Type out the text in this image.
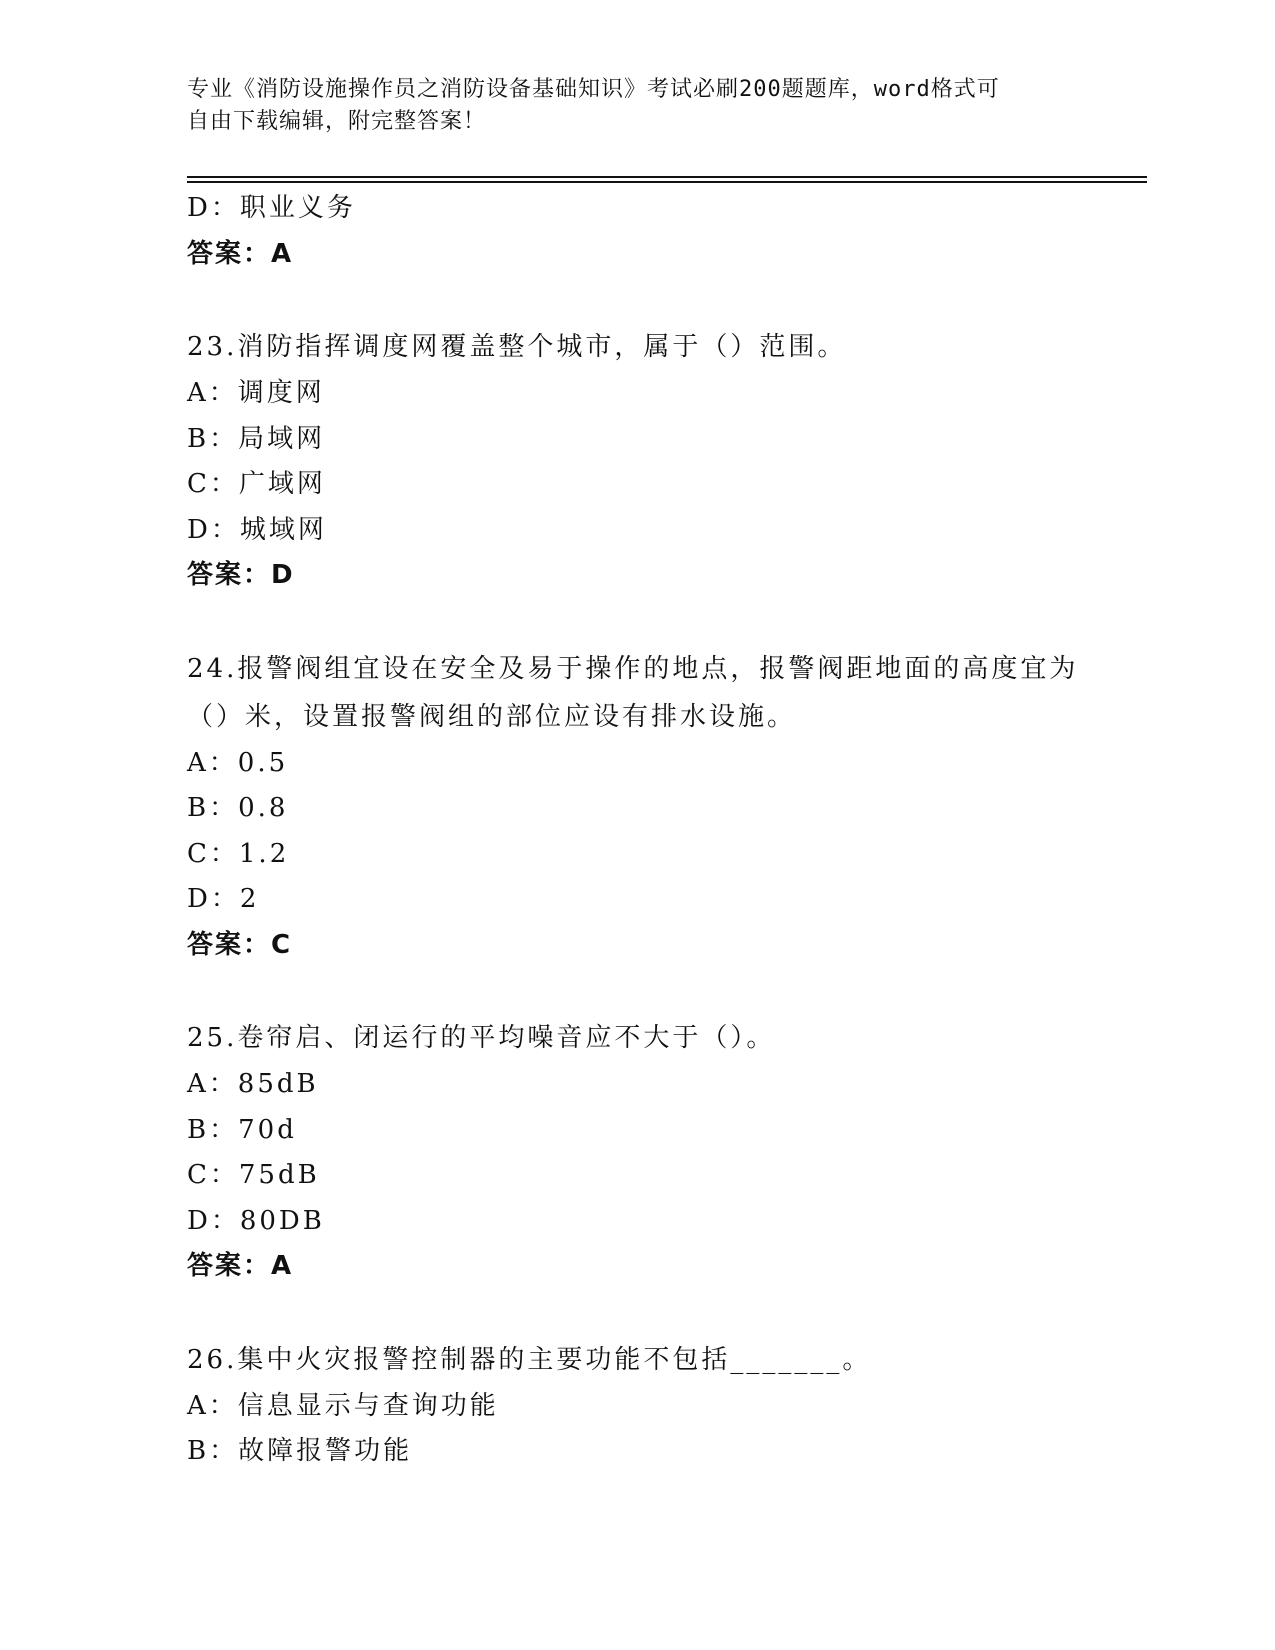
专业《消防设施操作员之消防设备基础知识》考试必刷200题题库，word格式可
自由下载编辑，附完整答案！
D：职业义务
答案：A
23.消防指挥调度网覆盖整个城市，属于（）范围。
A：调度网
B：局域网
C：广域网
D：城域网
答案：D
24.报警阀组宜设在安全及易于操作的地点，报警阀距地面的高度宜为（）米，设置报警阀组的部位应设有排水设施。
A：0.5
B：0.8
C：1.2
D：2
答案：C
25.卷帘启、闭运行的平均噪音应不大于（）。
A：85dB
B：70d
C：75dB
D：80DB
答案：A
26.集中火灾报警控制器的主要功能不包括_______。
A：信息显示与查询功能
B：故障报警功能
